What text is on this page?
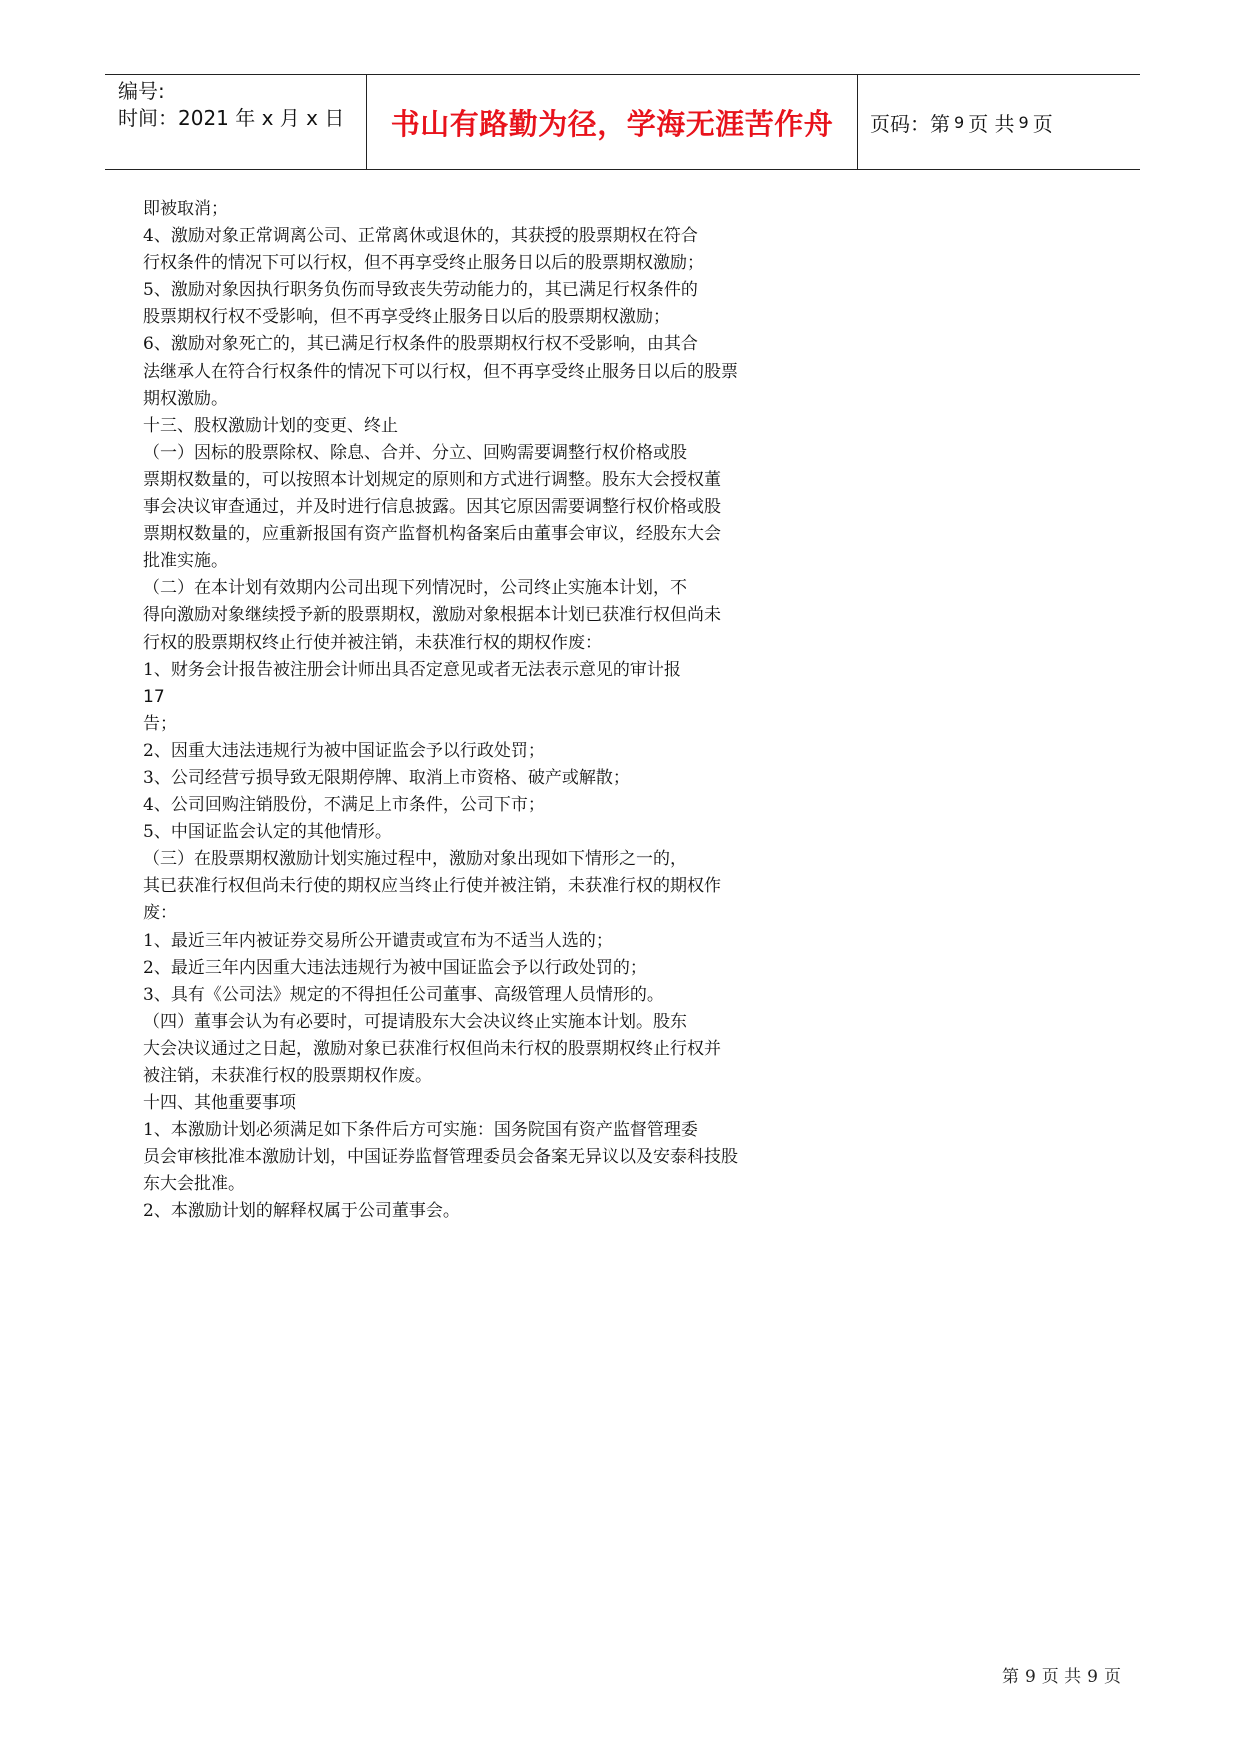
编号:
时间：2021 年 x 月 x 日	书山有路勤为径，学海无涯苦作舟	页码：第 9 页 共 9 页

即被取消；

4、激励对象正常调离公司、正常离休或退休的，其获授的股票期权在符合

行权条件的情况下可以行权，但不再享受终止服务日以后的股票期权激励；

5、激励对象因执行职务负伤而导致丧失劳动能力的，其已满足行权条件的

股票期权行权不受影响，但不再享受终止服务日以后的股票期权激励；

6、激励对象死亡的，其已满足行权条件的股票期权行权不受影响，由其合

法继承人在符合行权条件的情况下可以行权，但不再享受终止服务日以后的股票

期权激励。

十三、股权激励计划的变更、终止

（一）因标的股票除权、除息、合并、分立、回购需要调整行权价格或股

票期权数量的，可以按照本计划规定的原则和方式进行调整。股东大会授权董

事会决议审查通过，并及时进行信息披露。因其它原因需要调整行权价格或股

票期权数量的，应重新报国有资产监督机构备案后由董事会审议，经股东大会

批准实施。

（二）在本计划有效期内公司出现下列情况时，公司终止实施本计划，不

得向激励对象继续授予新的股票期权，激励对象根据本计划已获准行权但尚未

行权的股票期权终止行使并被注销，未获准行权的期权作废：

1、财务会计报告被注册会计师出具否定意见或者无法表示意见的审计报

17

告；

2、因重大违法违规行为被中国证监会予以行政处罚；

3、公司经营亏损导致无限期停牌、取消上市资格、破产或解散；

4、公司回购注销股份，不满足上市条件，公司下市；

5、中国证监会认定的其他情形。

（三）在股票期权激励计划实施过程中，激励对象出现如下情形之一的，

其已获准行权但尚未行使的期权应当终止行使并被注销，未获准行权的期权作

废：

1、最近三年内被证券交易所公开谴责或宣布为不适当人选的；

2、最近三年内因重大违法违规行为被中国证监会予以行政处罚的；

3、具有《公司法》规定的不得担任公司董事、高级管理人员情形的。

（四）董事会认为有必要时，可提请股东大会决议终止实施本计划。股东

大会决议通过之日起，激励对象已获准行权但尚未行权的股票期权终止行权并

被注销，未获准行权的股票期权作废。

十四、其他重要事项

1、本激励计划必须满足如下条件后方可实施：国务院国有资产监督管理委

员会审核批准本激励计划，中国证券监督管理委员会备案无异议以及安泰科技股

东大会批准。

2、本激励计划的解释权属于公司董事会。

第 9 页 共 9 页
